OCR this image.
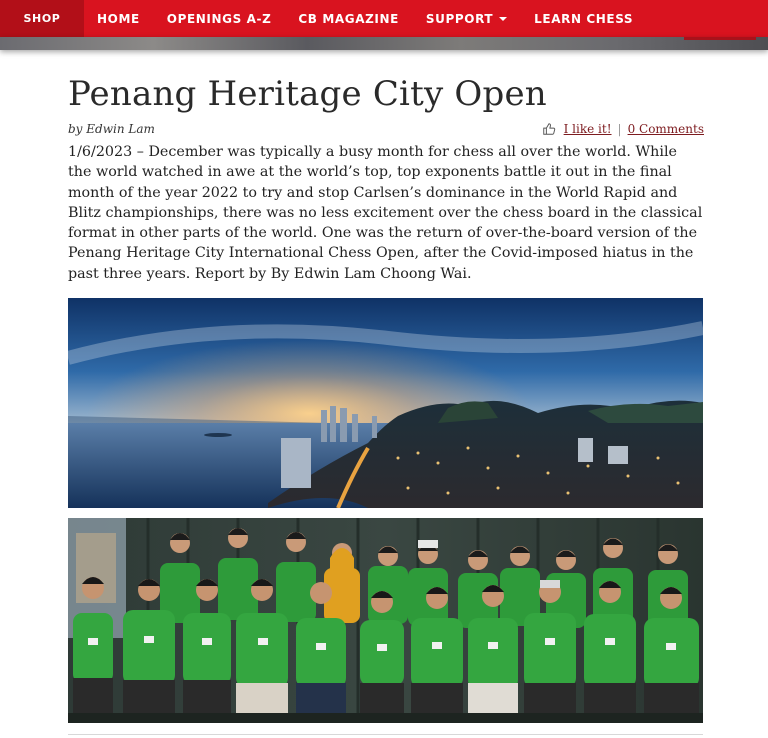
SHOP	HOME OPENINGS A-Z CB MAGAZINE SUPPORT	LEARN CHESS
Penang Heritage City Open
by Edwin Lam	I like it! | 0 Comments

1/6/2023 – December was typically a busy month for chess all over the world. While the world watched in awe at the world’s top, top exponents battle it out in the final month of the year 2022 to try and stop Carlsen’s dominance in the World Rapid and Blitz championships, there was no less excitement over the chess board in the classical format in other parts of the world. One was the return of over-the-board version of the Penang Heritage City International Chess Open, after the Covid-imposed hiatus in the past three years. Report by By Edwin Lam Choong Wai.
